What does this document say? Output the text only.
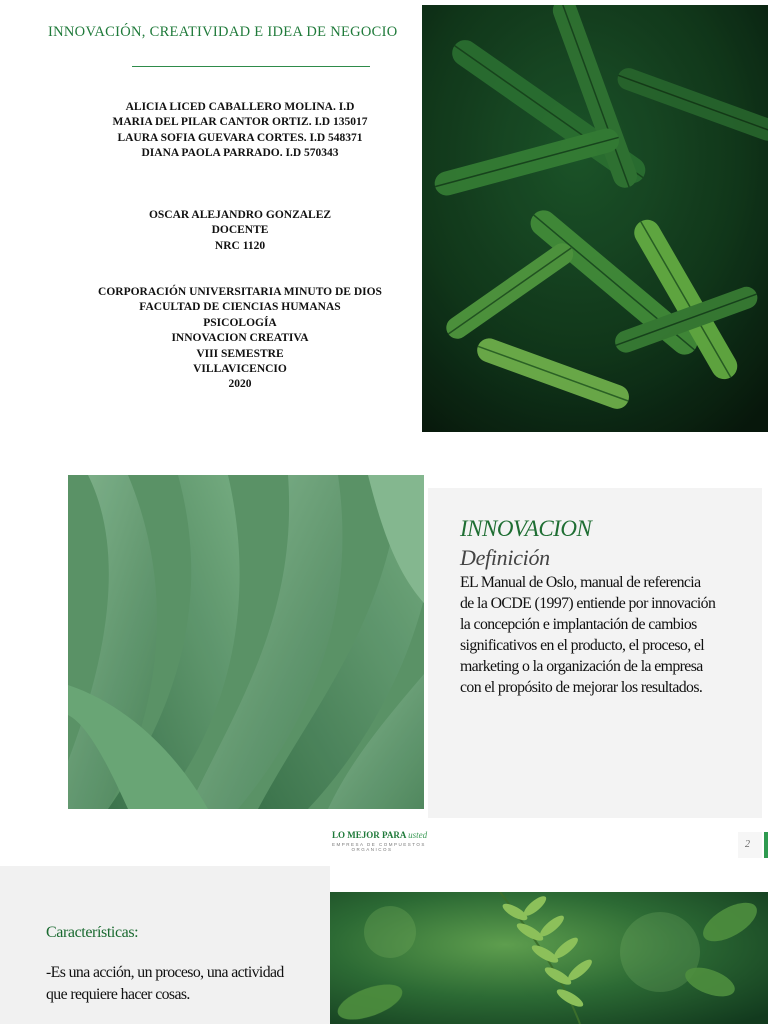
INNOVACIÓN, CREATIVIDAD E IDEA DE NEGOCIO
ALICIA LICED CABALLERO MOLINA. I.D
MARIA DEL PILAR CANTOR ORTIZ. I.D 135017
LAURA SOFIA GUEVARA CORTES. I.D 548371
DIANA PAOLA PARRADO. I.D 570343
OSCAR ALEJANDRO GONZALEZ
DOCENTE
NRC 1120
CORPORACIÓN UNIVERSITARIA MINUTO DE DIOS
FACULTAD DE CIENCIAS HUMANAS
PSICOLOGÍA
INNOVACION CREATIVA
VIII SEMESTRE
VILLAVICENCIO
2020
INNOVACION
Definición
EL Manual de Oslo, manual de referencia
de la OCDE (1997) entiende por innovación
la concepción e implantación de cambios
significativos en el producto, el proceso, el
marketing o la organización de la empresa
con el propósito de mejorar los resultados.
LO MEJOR PARA usted
EMPRESA DE COMPUESTOS
ORGANICOS	2
Características:
-Es una acción, un proceso, una actividad
que requiere hacer cosas.
